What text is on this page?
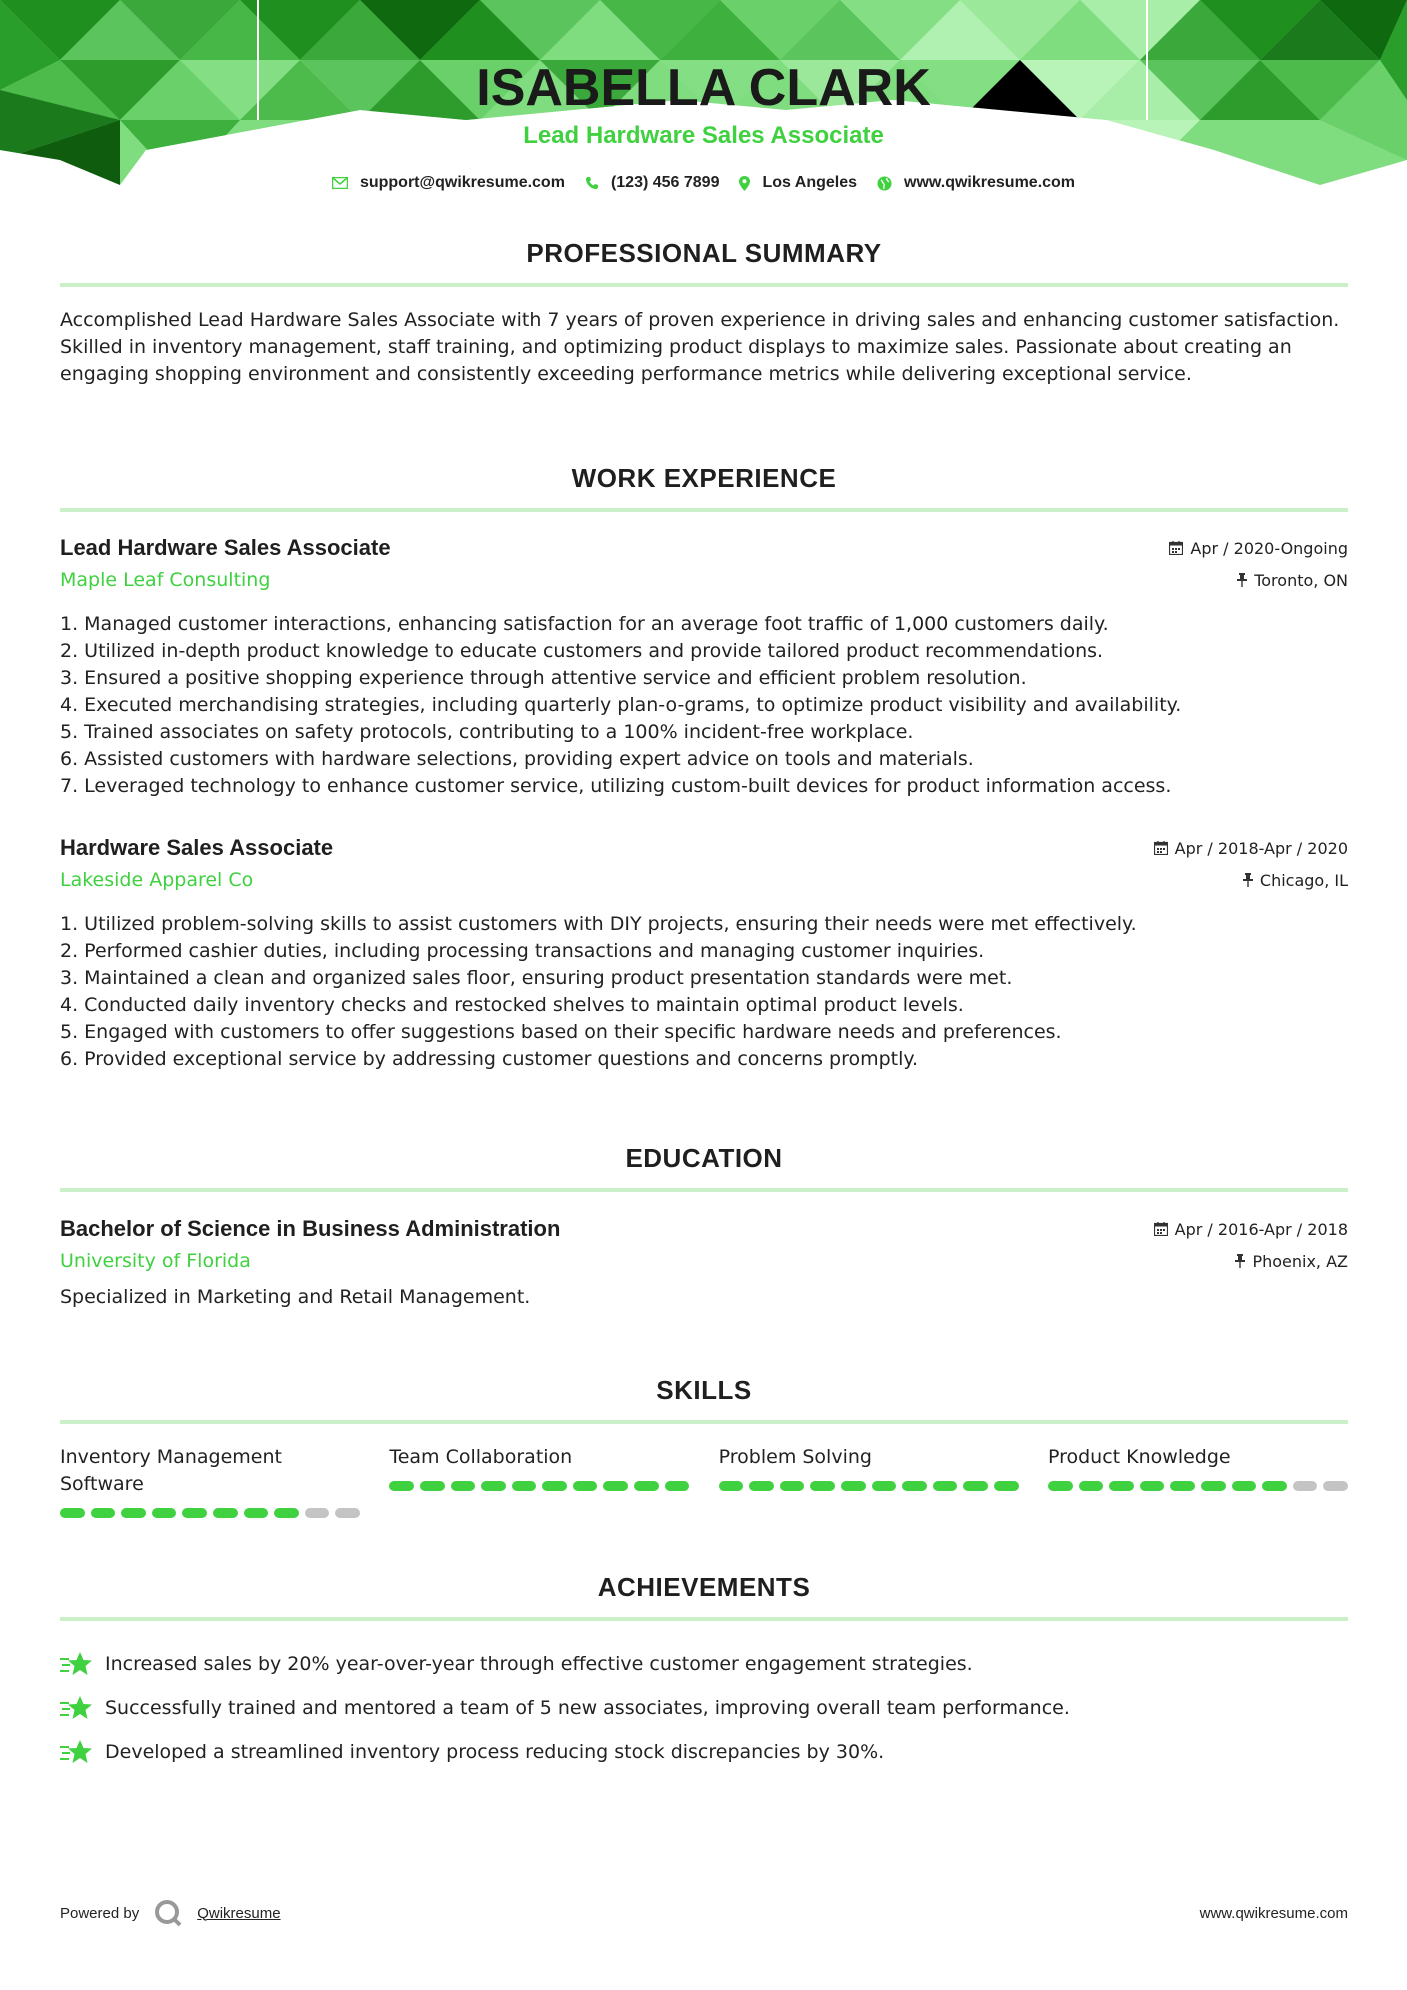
ISABELLA CLARK
Lead Hardware Sales Associate
support@qwikresume.com	(123) 456 7899	Los Angeles	www.qwikresume.com
PROFESSIONAL SUMMARY
Accomplished Lead Hardware Sales Associate with 7 years of proven experience in driving sales and enhancing customer satisfaction. Skilled in inventory management, staff training, and optimizing product displays to maximize sales. Passionate about creating an engaging shopping environment and consistently exceeding performance metrics while delivering exceptional service.
WORK EXPERIENCE
Lead Hardware Sales Associate	Apr / 2020-Ongoing
Maple Leaf Consulting	Toronto, ON
1. Managed customer interactions, enhancing satisfaction for an average foot traffic of 1,000 customers daily.
2. Utilized in-depth product knowledge to educate customers and provide tailored product recommendations.
3. Ensured a positive shopping experience through attentive service and efficient problem resolution.
4. Executed merchandising strategies, including quarterly plan-o-grams, to optimize product visibility and availability.
5. Trained associates on safety protocols, contributing to a 100% incident-free workplace.
6. Assisted customers with hardware selections, providing expert advice on tools and materials.
7. Leveraged technology to enhance customer service, utilizing custom-built devices for product information access.
Hardware Sales Associate	Apr / 2018-Apr / 2020
Lakeside Apparel Co	Chicago, IL
1. Utilized problem-solving skills to assist customers with DIY projects, ensuring their needs were met effectively.
2. Performed cashier duties, including processing transactions and managing customer inquiries.
3. Maintained a clean and organized sales floor, ensuring product presentation standards were met.
4. Conducted daily inventory checks and restocked shelves to maintain optimal product levels.
5. Engaged with customers to offer suggestions based on their specific hardware needs and preferences.
6. Provided exceptional service by addressing customer questions and concerns promptly.
EDUCATION
Bachelor of Science in Business Administration	Apr / 2016-Apr / 2018
University of Florida	Phoenix, AZ
Specialized in Marketing and Retail Management.
SKILLS
Inventory Management Software
Team Collaboration	Problem Solving	Product Knowledge
ACHIEVEMENTS
Increased sales by 20% year-over-year through effective customer engagement strategies.
Successfully trained and mentored a team of 5 new associates, improving overall team performance.
Developed a streamlined inventory process reducing stock discrepancies by 30%.
Powered by	Qwikresume	www.qwikresume.com
